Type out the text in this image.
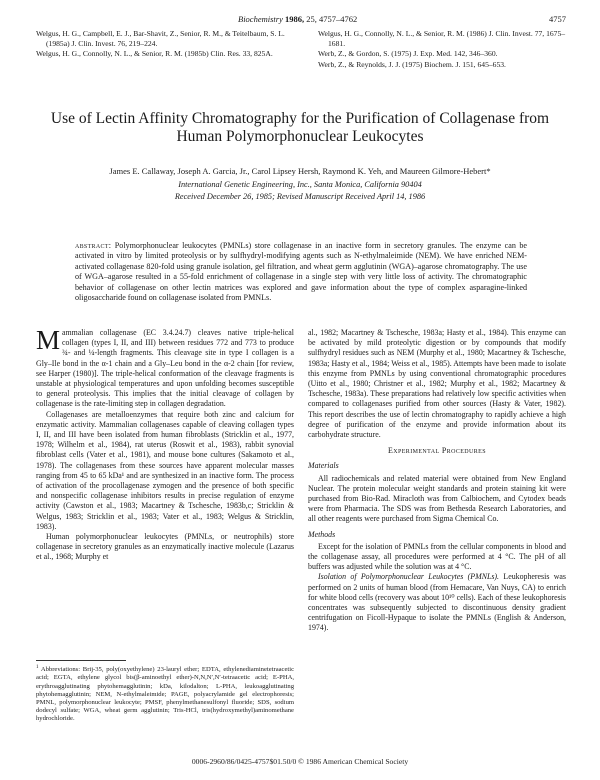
Biochemistry 1986, 25, 4757–4762	4757
Welgus, H. G., Campbell, E. J., Bar-Shavit, Z., Senior, R. M., & Teitelbaum, S. L. (1985a) J. Clin. Invest. 76, 219–224.
Welgus, H. G., Connolly, N. L., & Senior, R. M. (1985b) Clin. Res. 33, 825A.
Welgus, H. G., Connolly, N. L., & Senior, R. M. (1986) J. Clin. Invest. 77, 1675–1681.
Werb, Z., & Gordon, S. (1975) J. Exp. Med. 142, 346–360.
Werb, Z., & Reynolds, J. J. (1975) Biochem. J. 151, 645–653.
Use of Lectin Affinity Chromatography for the Purification of Collagenase from
Human Polymorphonuclear Leukocytes
James E. Callaway, Joseph A. Garcia, Jr., Carol Lipsey Hersh, Raymond K. Yeh, and Maureen Gilmore-Hebert*
International Genetic Engineering, Inc., Santa Monica, California 90404
Received December 26, 1985; Revised Manuscript Received April 14, 1986
abstract: Polymorphonuclear leukocytes (PMNLs) store collagenase in an inactive form in secretory granules. The enzyme can be activated in vitro by limited proteolysis or by sulfhydryl-modifying agents such as N-ethylmaleimide (NEM). We have enriched NEM-activated collagenase 820-fold using granule isolation, gel filtration, and wheat germ agglutinin (WGA)–agarose chromatography. The use of WGA–agarose resulted in a 55-fold enrichment of collagenase in a single step with very little loss of activity. The chromatographic behavior of collagenase on other lectin matrices was explored and gave information about the type of complex asparagine-linked oligosaccharide found on collagenase isolated from PMNLs.

Mammalian collagenase (EC 3.4.24.7) cleaves native triple-helical collagen (types I, II, and III) between residues 772 and 773 to produce ¾- and ¼-length fragments. This cleavage site in type I collagen is a Gly–Ile bond in the α-1 chain and a Gly–Leu bond in the α-2 chain [for review, see Harper (1980)]. The triple-helical conformation of the cleavage fragments is unstable at physiological temperatures and upon unfolding becomes susceptible to general proteolysis. This implies that the initial cleavage of collagen by collagenase is the rate-limiting step in collagen degradation.

Collagenases are metalloenzymes that require both zinc and calcium for enzymatic activity. Mammalian collagenases capable of cleaving collagen types I, II, and III have been isolated from human fibroblasts (Stricklin et al., 1977, 1978; Wilhelm et al., 1984), rat uterus (Roswit et al., 1983), rabbit synovial fibroblast cells (Vater et al., 1981), and mouse bone cultures (Sakamoto et al., 1978). The collagenases from these sources have apparent molecular masses ranging from 45 to 65 kDa¹ and are synthesized in an inactive form. The process of activation of the procollagenase zymogen and the presence of both specific and nonspecific collagenase inhibitors results in precise regulation of enzyme activity (Cawston et al., 1983; Macartney & Tschesche, 1983b,c; Stricklin & Welgus, 1983; Stricklin et al., 1983; Vater et al., 1983; Welgus & Stricklin, 1983).

Human polymorphonuclear leukocytes (PMNLs, or neutrophils) store collagenase in secretory granules as an enzymatically inactive molecule (Lazarus et al., 1968; Murphy et

al., 1982; Macartney & Tschesche, 1983a; Hasty et al., 1984). This enzyme can be activated by mild proteolytic digestion or by compounds that modify sulfhydryl residues such as NEM (Murphy et al., 1980; Macartney & Tschesche, 1983a; Hasty et al., 1984; Weiss et al., 1985). Attempts have been made to isolate this enzyme from PMNLs by using conventional chromatographic procedures (Uitto et al., 1980; Christner et al., 1982; Murphy et al., 1982; Macartney & Tschesche, 1983a). These preparations had relatively low specific activities when compared to collagenases purified from other sources (Hasty & Vater, 1982). This report describes the use of lectin chromatography to rapidly achieve a high degree of purification of the enzyme and provide information about its carbohydrate structure.

Experimental Procedures
Materials

All radiochemicals and related material were obtained from New England Nuclear. The protein molecular weight standards and protein staining kit were purchased from Bio-Rad. Miracloth was from Calbiochem, and Cytodex beads were from Pharmacia. The SDS was from Bethesda Research Laboratories, and all other reagents were purchased from Sigma Chemical Co.

Methods

Except for the isolation of PMNLs from the cellular components in blood and the collagenase assay, all procedures were performed at 4 °C. The pH of all buffers was adjusted while the solution was at 4 °C.

Isolation of Polymorphonuclear Leukocytes (PMNLs). Leukopheresis was performed on 2 units of human blood (from Hemacare, Van Nuys, CA) to enrich for white blood cells (recovery was about 10¹⁰ cells). Each of these leukophoresis concentrates was subsequently subjected to discontinuous density gradient centrifugation on Ficoll-Hypaque to isolate the PMNLs (English & Anderson, 1974).

$^1$ Abbreviations: Brij-35, poly(oxyethylene) 23-lauryl ether; EDTA, ethylenediaminetetraacetic acid; EGTA, ethylene glycol bis(β-aminoethyl ether)-N,N,N′,N′-tetraacetic acid; E-PHA, erythroagglutinating phytohemagglutinin; kDa, kilodalton; L-PHA, leukoagglutinating phytohemagglutinin; NEM, N-ethylmaleimide; PAGE, polyacrylamide gel electrophoresis; PMNL, polymorphonuclear leukocyte; PMSF, phenylmethanesulfonyl fluoride; SDS, sodium dodecyl sulfate; WGA, wheat germ agglutinin; Tris-HCl, tris(hydroxymethyl)aminomethane hydrochloride.
0006-2960/86/0425-4757$01.50/0 © 1986 American Chemical Society
